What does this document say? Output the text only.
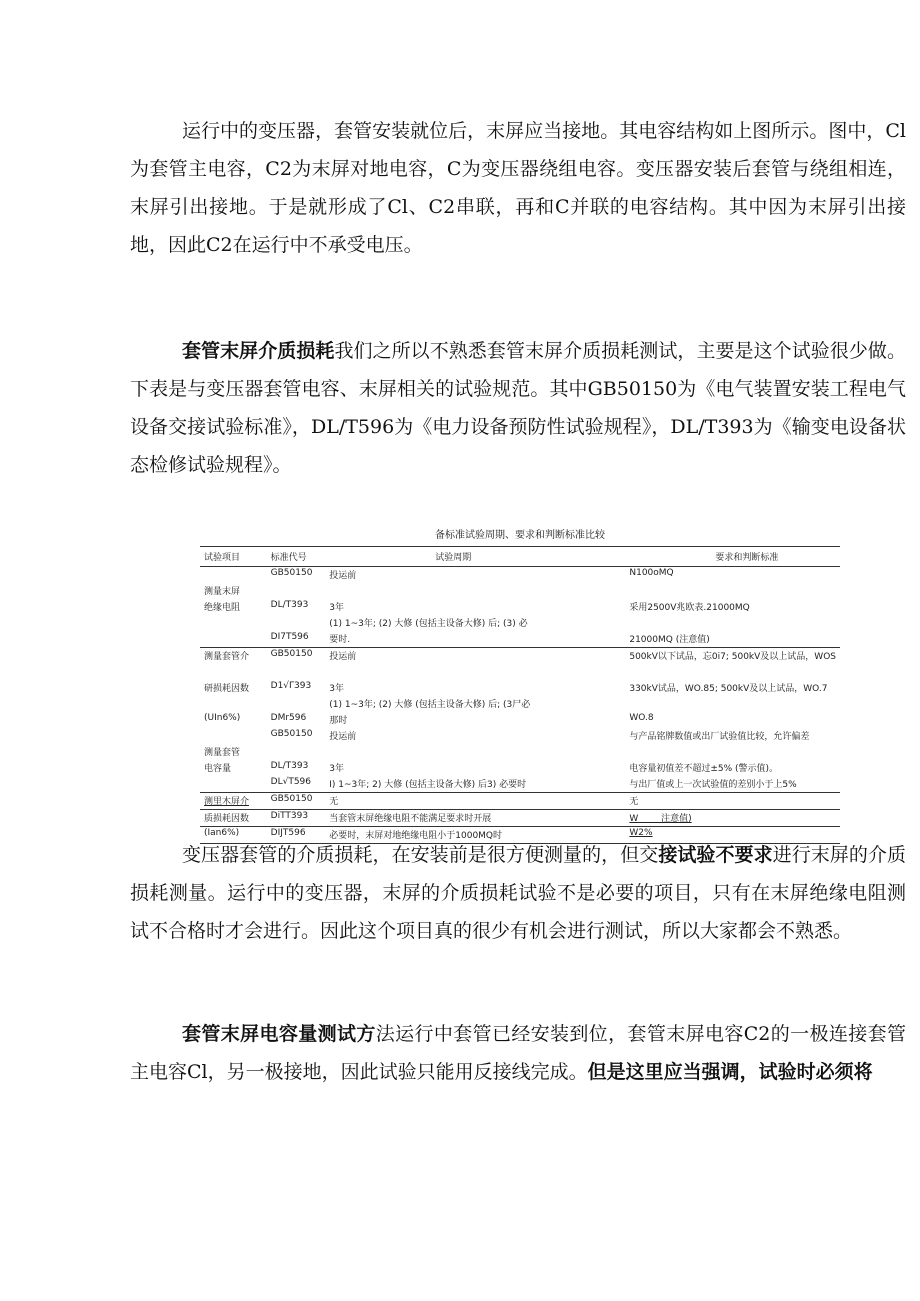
运行中的变压器，套管安装就位后，末屏应当接地。其电容结构如上图所示。图中，Cl为套管主电容，C2为末屏对地电容，C为变压器绕组电容。变压器安装后套管与绕组相连，末屏引出接地。于是就形成了Cl、C2串联，再和C并联的电容结构。其中因为末屏引出接地，因此C2在运行中不承受电压。

套管末屏介质损耗我们之所以不熟悉套管末屏介质损耗测试，主要是这个试验很少做。下表是与变压器套管电容、末屏相关的试验规范。其中GB50150为《电气装置安装工程电气设备交接试验标准》，DL/T596为《电力设备预防性试验规程》，DL/T393为《输变电设备状态检修试验规程》。

备标准试验周期、要求和判断标准比较
试验项目	标准代号	试验周期	要求和判断标准
	GB50150	投运前	N100oMQ
测量末屏			
绝缘电阻	DL/T393	3年	采用2500V兆欧表.21000MQ
		(1) 1~3年; (2) 大修 (包括主设备大修) 后; (3) 必	
	DI7T596	要时.	21000MQ (注意值)
测量套管介	GB50150	投运前	500kV以下试品，忘0i7; 500kV及以上试品，WOS

研损耗因数	D1√Γ393	3年	330kV试品，WO.85; 500kV及以上试品，WO.7
		(1) 1~3年; (2) 大修 (包括主设备大修) 后; (3尸必	
(UIn6%)	DMr596	那时	WO.8
	GB50150	投运前	与产品铭牌数值或出厂试验值比较，允许偏差
测量套管			
电容量	DL/T393	3年	电容量初值差不超过±5% (警示值)。
	DL√T596	I) 1~3年; 2) 大修 (包括主设备大修) 后3) 必要时	与出厂值或上一次试验值的差别小于上5%
测里木屏介	GB50150	无	无
质损耗因数	DiTT393	当套管末屏绝缘电阻不能满足要求时开展	W        注意值)
(Ian6%)	DIJT596	必要时，末屏对地绝缘电阻小于1000MQ时	W2%

变压器套管的介质损耗，在安装前是很方便测量的，但交接试验不要求进行末屏的介质损耗测量。运行中的变压器，末屏的介质损耗试验不是必要的项目，只有在末屏绝缘电阻测试不合格时才会进行。因此这个项目真的很少有机会进行测试，所以大家都会不熟悉。

套管末屏电容量测试方法运行中套管已经安装到位，套管末屏电容C2的一极连接套管主电容Cl，另一极接地，因此试验只能用反接线完成。但是这里应当强调，试验时必须将
